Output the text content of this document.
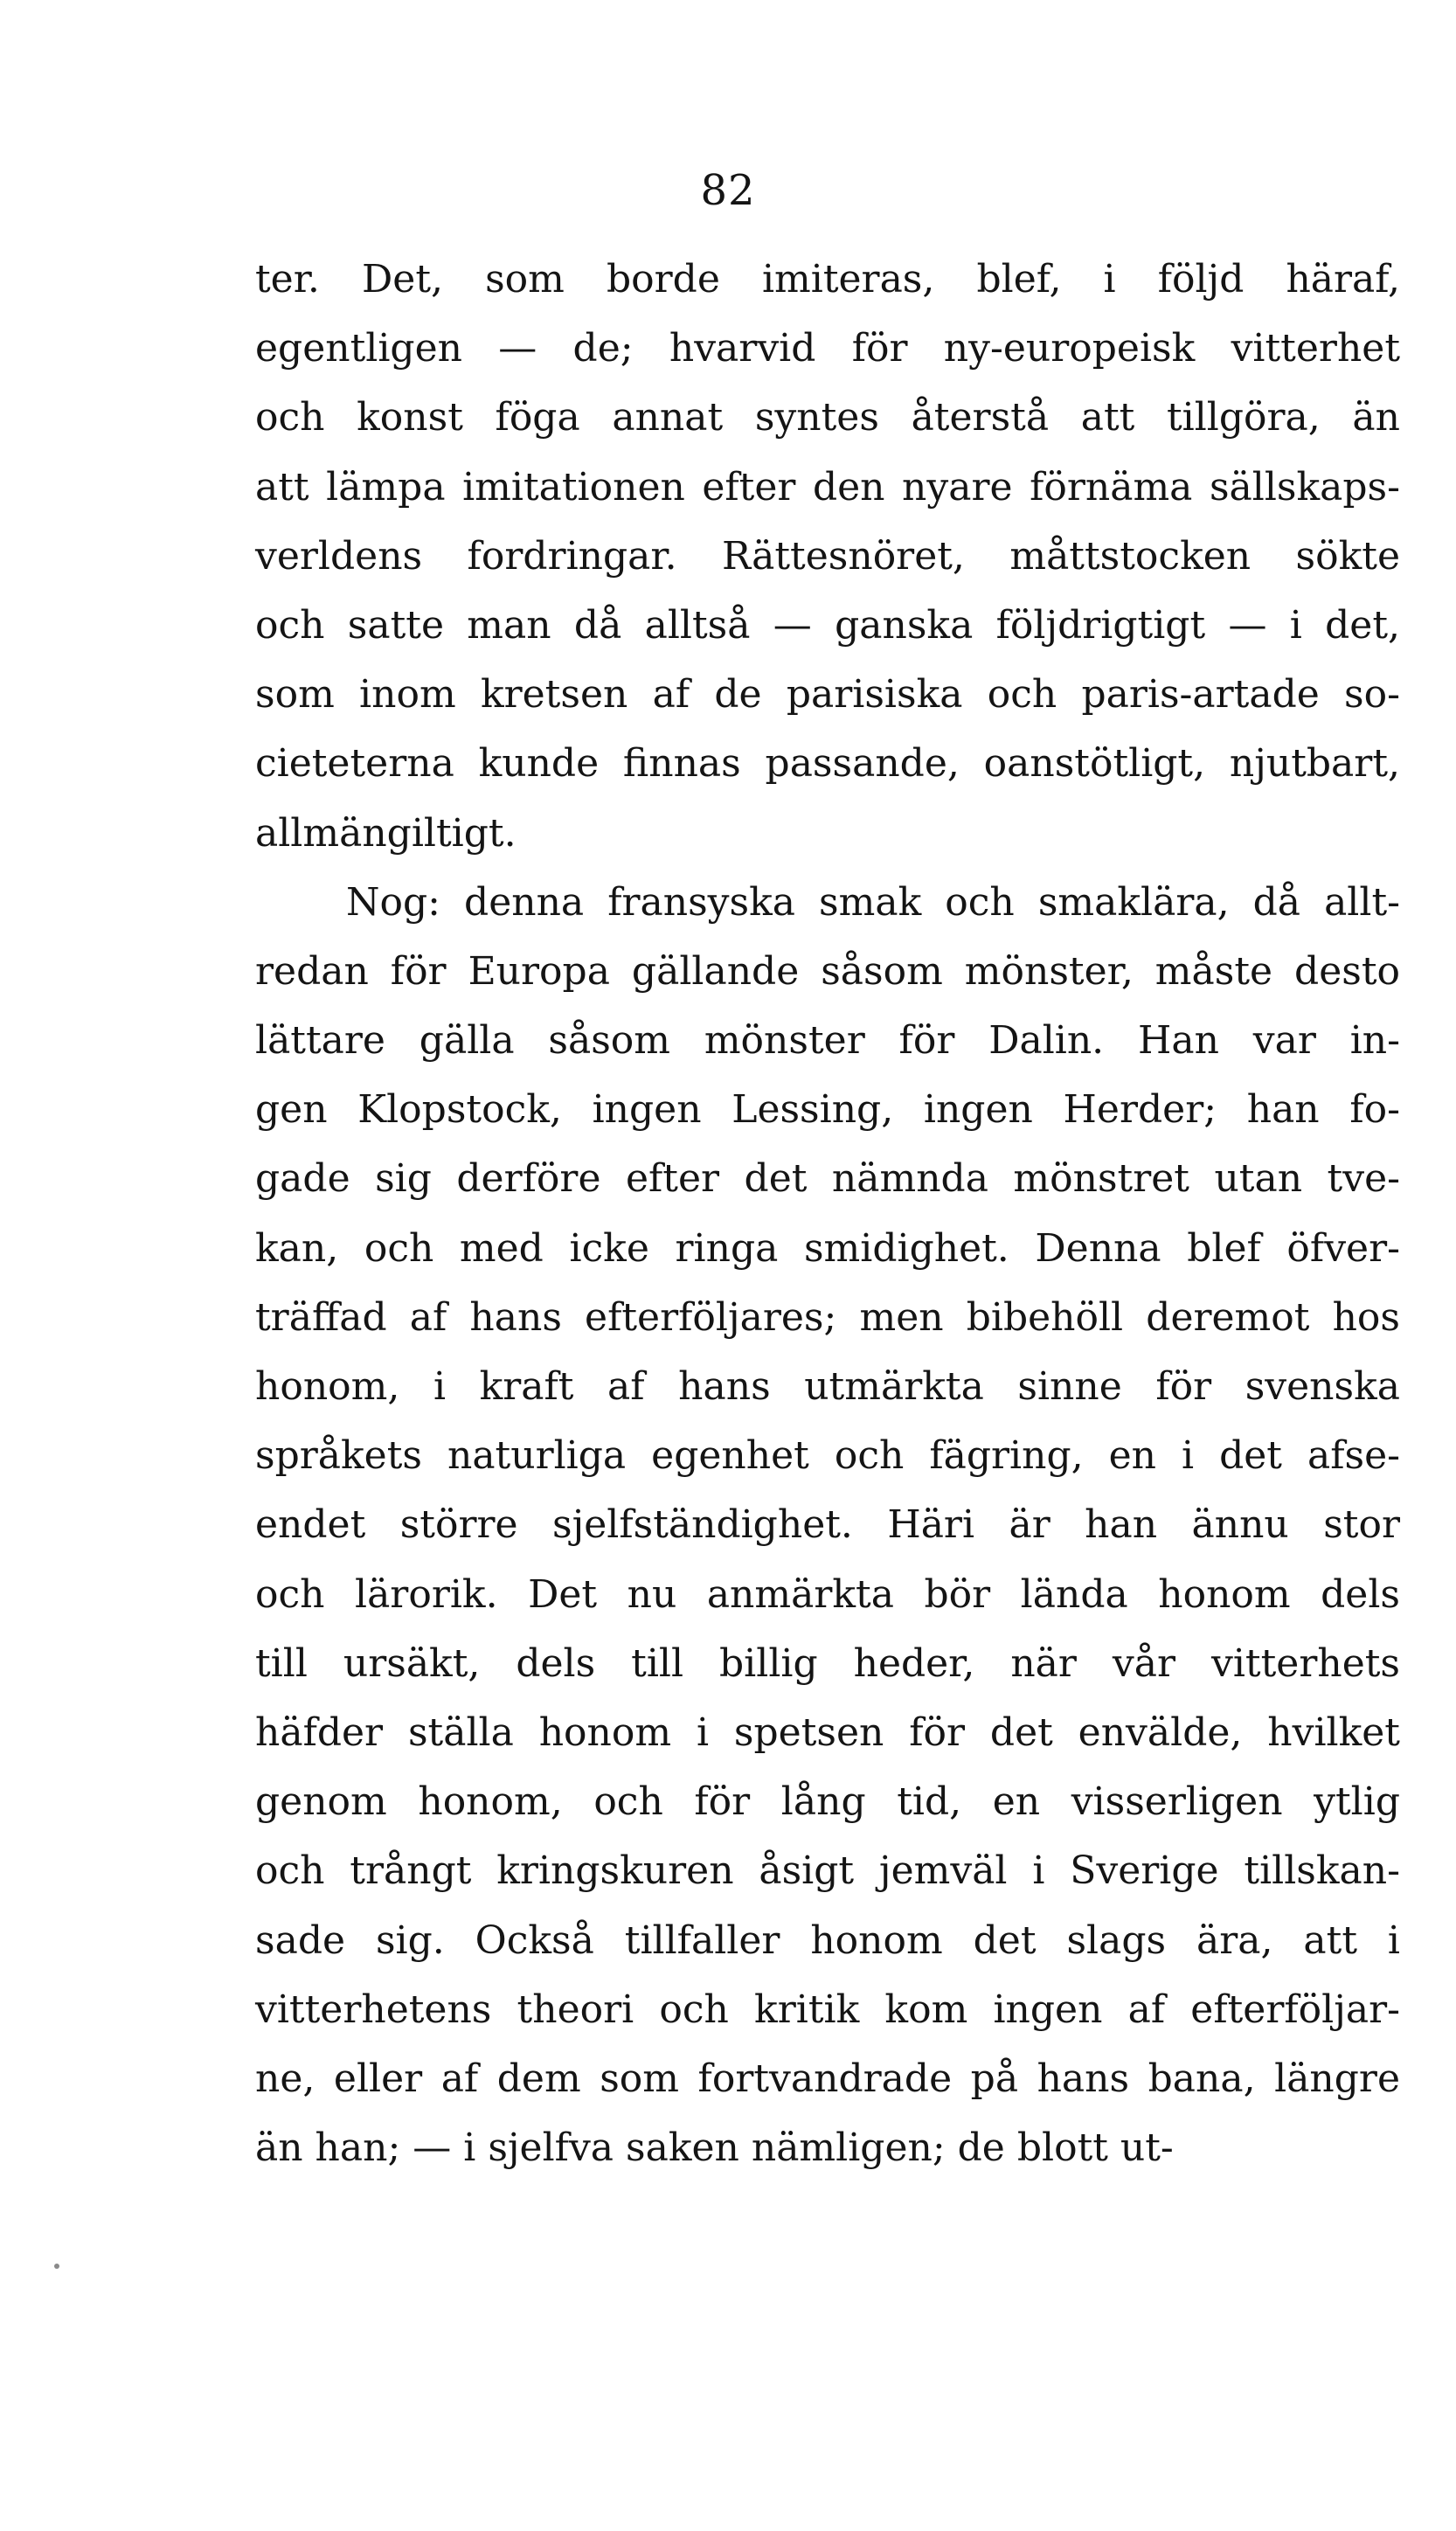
82
ter. Det, som borde imiteras, blef, i följd häraf,
egentligen — de; hvarvid för ny-europeisk vitterhet
och konst föga annat syntes återstå att tillgöra, än
att lämpa imitationen efter den nyare förnäma sällskaps-
verldens fordringar. Rättesnöret, måttstocken sökte
och satte man då alltså — ganska följdrigtigt — i det,
som inom kretsen af de parisiska och paris-artade so-
cieteterna kunde finnas passande, oanstötligt, njutbart,
allmängiltigt.
Nog: denna fransyska smak och smaklära, då allt-
redan för Europa gällande såsom mönster, måste desto
lättare gälla såsom mönster för Dalin. Han var in-
gen Klopstock, ingen Lessing, ingen Herder; han fo-
gade sig derföre efter det nämnda mönstret utan tve-
kan, och med icke ringa smidighet. Denna blef öfver-
träffad af hans efterföljares; men bibehöll deremot hos
honom, i kraft af hans utmärkta sinne för svenska
språkets naturliga egenhet och fägring, en i det afse-
endet större sjelfständighet. Häri är han ännu stor
och lärorik. Det nu anmärkta bör lända honom dels
till ursäkt, dels till billig heder, när vår vitterhets
häfder ställa honom i spetsen för det envälde, hvilket
genom honom, och för lång tid, en visserligen ytlig
och trångt kringskuren åsigt jemväl i Sverige tillskan-
sade sig. Också tillfaller honom det slags ära, att i
vitterhetens theori och kritik kom ingen af efterföljar-
ne, eller af dem som fortvandrade på hans bana, längre
än han; — i sjelfva saken nämligen; de blott ut-
